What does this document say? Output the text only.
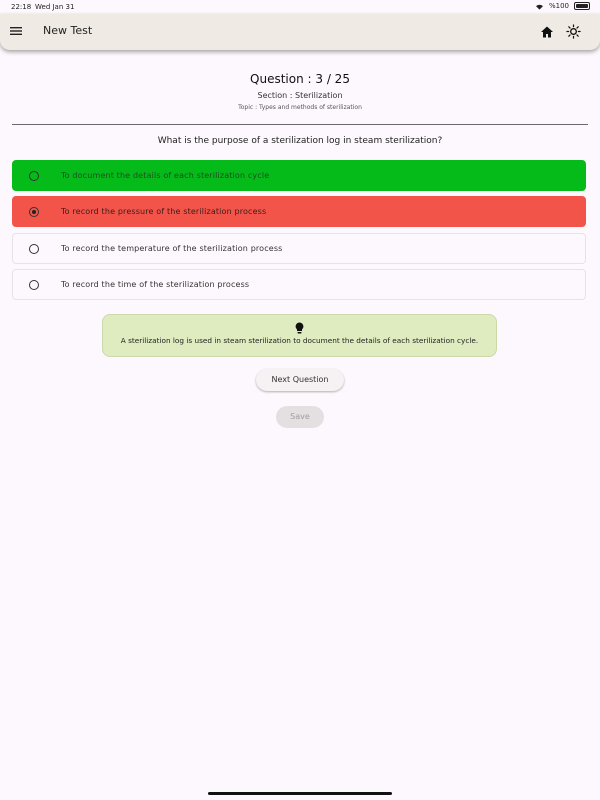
22:18 Wed Jan 31	%100
New Test
Question : 3 / 25
Section : Sterilization
Topic : Types and methods of sterilization
What is the purpose of a sterilization log in steam sterilization?
To document the details of each sterilization cycle
To record the pressure of the sterilization process
To record the temperature of the sterilization process
To record the time of the sterilization process
A sterilization log is used in steam sterilization to document the details of each sterilization cycle.
Next Question
Save
